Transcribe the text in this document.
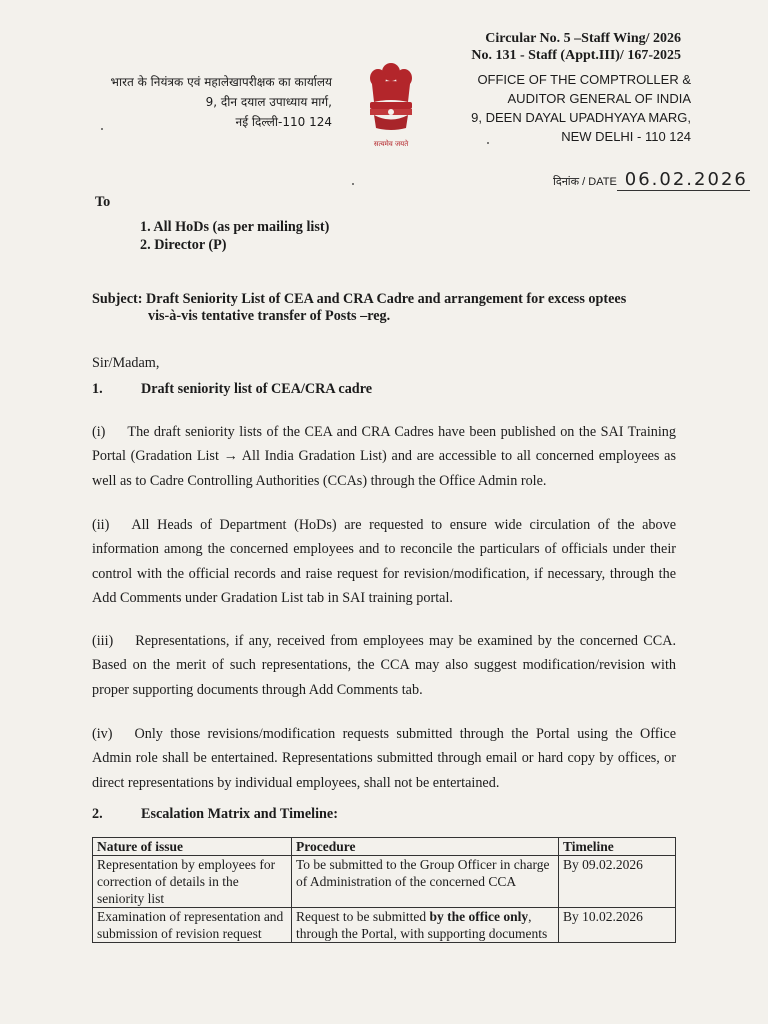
Circular No. 5 –Staff Wing/ 2026
No. 131 - Staff (Appt.III)/ 167-2025
भारत के नियंत्रक एवं महालेखापरीक्षक का कार्यालय
9, दीन दयाल उपाध्याय मार्ग,
नई दिल्ली-110 124
सत्यमेव जयते
OFFICE OF THE COMPTROLLER &
AUDITOR GENERAL OF INDIA
9, DEEN DAYAL UPADHYAYA MARG,
NEW DELHI - 110 124
दिनांक / DATE 06.02.2026
To
1. All HoDs (as per mailing list)
2. Director (P)
Subject: Draft Seniority List of CEA and CRA Cadre and arrangement for excess optees
vis-à-vis tentative transfer of Posts –reg.
Sir/Madam,
1.	Draft seniority list of CEA/CRA cadre
(i) The draft seniority lists of the CEA and CRA Cadres have been published on the SAI Training Portal (Gradation List → All India Gradation List) and are accessible to all concerned employees as well as to Cadre Controlling Authorities (CCAs) through the Office Admin role.
(ii) All Heads of Department (HoDs) are requested to ensure wide circulation of the above information among the concerned employees and to reconcile the particulars of officials under their control with the official records and raise request for revision/modification, if necessary, through the Add Comments under Gradation List tab in SAI training portal.
(iii) Representations, if any, received from employees may be examined by the concerned CCA. Based on the merit of such representations, the CCA may also suggest modification/revision with proper supporting documents through Add Comments tab.
(iv) Only those revisions/modification requests submitted through the Portal using the Office Admin role shall be entertained. Representations submitted through email or hard copy by offices, or direct representations by individual employees, shall not be entertained.
2.	Escalation Matrix and Timeline:
Nature of issue	Procedure	Timeline
Representation by employees for correction of details in the seniority list	To be submitted to the Group Officer in charge of Administration of the concerned CCA	By 09.02.2026
Examination of representation and submission of revision request	Request to be submitted by the office only, through the Portal, with supporting documents	By 10.02.2026
